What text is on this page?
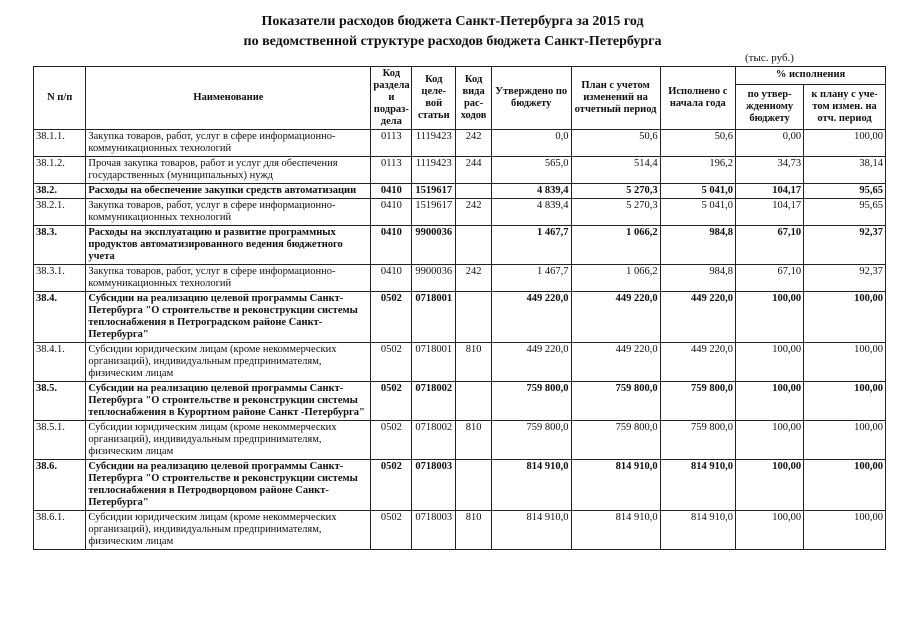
Показатели расходов бюджета Санкт-Петербурга за 2015 год
по ведомственной структуре расходов бюджета Санкт-Петербурга
(тыс. руб.)
N п/п	Наименование	Код раздела и подраз-дела	Код целе-вой статьи	Код вида рас-ходов	Утверждено по бюджету	План с учетом изменений на отчетный период	Исполнено с начала года	% исполнения	
								по утвер-жденному бюджету	к плану с уче-том измен. на отч. период
38.1.1.	Закупка товаров, работ, услуг в сфере информационно-коммуникационных технологий	0113	1119423	242	0,0	50,6	50,6	0,00	100,00
38.1.2.	Прочая закупка товаров, работ и услуг для обеспечения государственных (муниципальных) нужд	0113	1119423	244	565,0	514,4	196,2	34,73	38,14
38.2.	Расходы на обеспечение закупки средств автоматизации	0410	1519617		4 839,4	5 270,3	5 041,0	104,17	95,65
38.2.1.	Закупка товаров, работ, услуг в сфере информационно-коммуникационных технологий	0410	1519617	242	4 839,4	5 270,3	5 041,0	104,17	95,65
38.3.	Расходы на эксплуатацию и развитие программных продуктов автоматизированного ведения бюджетного учета	0410	9900036		1 467,7	1 066,2	984,8	67,10	92,37
38.3.1.	Закупка товаров, работ, услуг в сфере информационно-коммуникационных технологий	0410	9900036	242	1 467,7	1 066,2	984,8	67,10	92,37
38.4.	Субсидии на реализацию целевой программы Санкт-Петербурга "О строительстве и реконструкции системы теплоснабжения в Петроградском районе Санкт-Петербурга"	0502	0718001		449 220,0	449 220,0	449 220,0	100,00	100,00
38.4.1.	Субсидии юридическим лицам (кроме некоммерческих организаций), индивидуальным предпринимателям, физическим лицам	0502	0718001	810	449 220,0	449 220,0	449 220,0	100,00	100,00
38.5.	Субсидии на реализацию целевой программы Санкт-Петербурга "О строительстве и реконструкции системы теплоснабжения в Курортном районе Санкт -Петербурга"	0502	0718002		759 800,0	759 800,0	759 800,0	100,00	100,00
38.5.1.	Субсидии юридическим лицам (кроме некоммерческих организаций), индивидуальным предпринимателям, физическим лицам	0502	0718002	810	759 800,0	759 800,0	759 800,0	100,00	100,00
38.6.	Субсидии на реализацию целевой программы Санкт-Петербурга "О строительстве и реконструкции системы теплоснабжения в Петродворцовом районе Санкт-Петербурга"	0502	0718003		814 910,0	814 910,0	814 910,0	100,00	100,00
38.6.1.	Субсидии юридическим лицам (кроме некоммерческих организаций), индивидуальным предпринимателям, физическим лицам	0502	0718003	810	814 910,0	814 910,0	814 910,0	100,00	100,00
